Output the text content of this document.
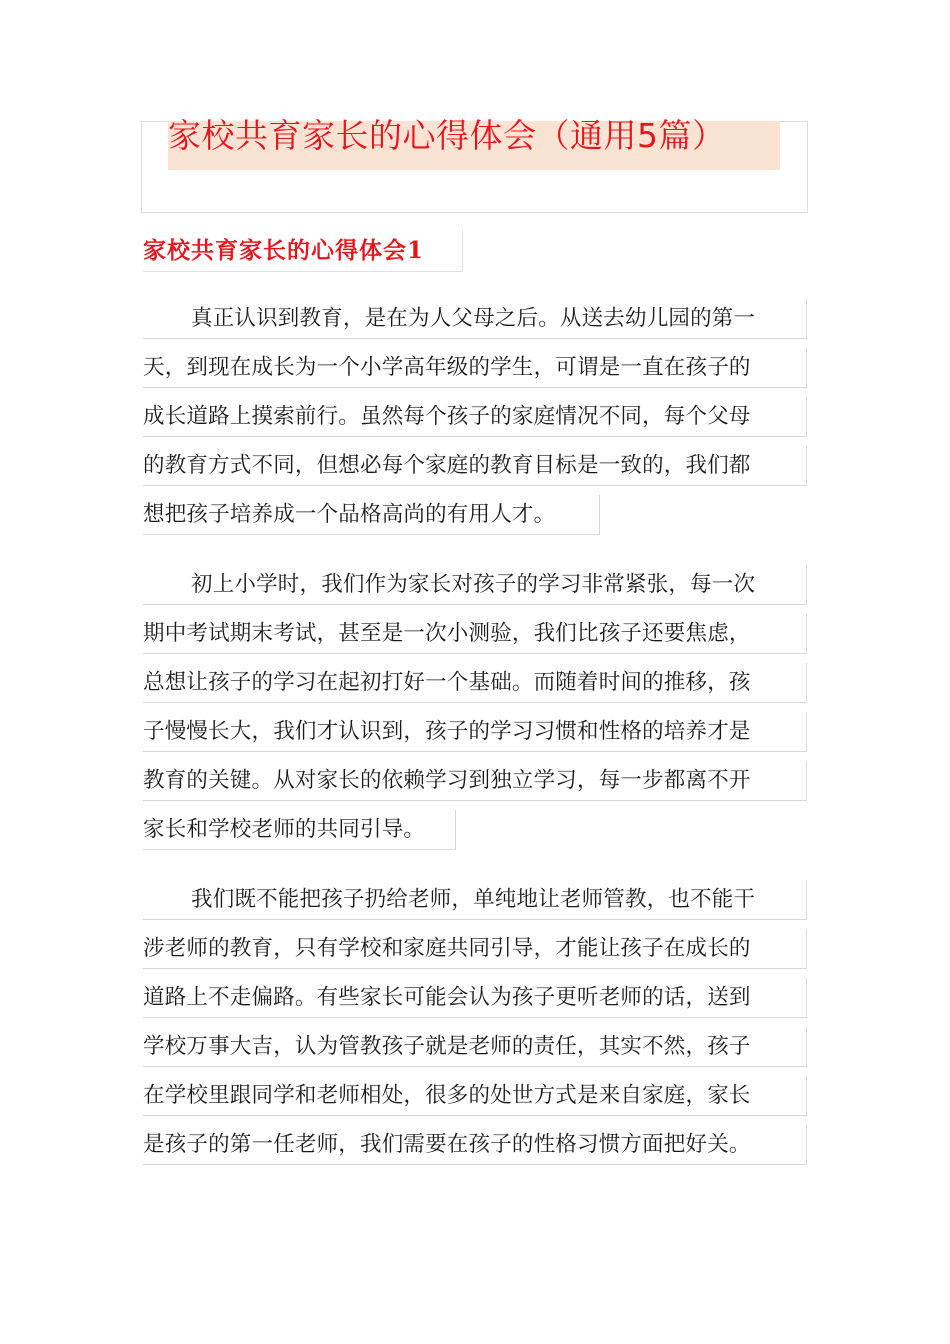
家校共育家长的心得体会（通用5篇）
家校共育家长的心得体会1
真正认识到教育，是在为人父母之后。从送去幼儿园的第一
天，到现在成长为一个小学高年级的学生，可谓是一直在孩子的
成长道路上摸索前行。虽然每个孩子的家庭情况不同，每个父母
的教育方式不同，但想必每个家庭的教育目标是一致的，我们都
想把孩子培养成一个品格高尚的有用人才。
初上小学时，我们作为家长对孩子的学习非常紧张，每一次
期中考试期末考试，甚至是一次小测验，我们比孩子还要焦虑，
总想让孩子的学习在起初打好一个基础。而随着时间的推移，孩
子慢慢长大，我们才认识到，孩子的学习习惯和性格的培养才是
教育的关键。从对家长的依赖学习到独立学习，每一步都离不开
家长和学校老师的共同引导。
我们既不能把孩子扔给老师，单纯地让老师管教，也不能干
涉老师的教育，只有学校和家庭共同引导，才能让孩子在成长的
道路上不走偏路。有些家长可能会认为孩子更听老师的话，送到
学校万事大吉，认为管教孩子就是老师的责任，其实不然，孩子
在学校里跟同学和老师相处，很多的处世方式是来自家庭，家长
是孩子的第一任老师，我们需要在孩子的性格习惯方面把好关。
